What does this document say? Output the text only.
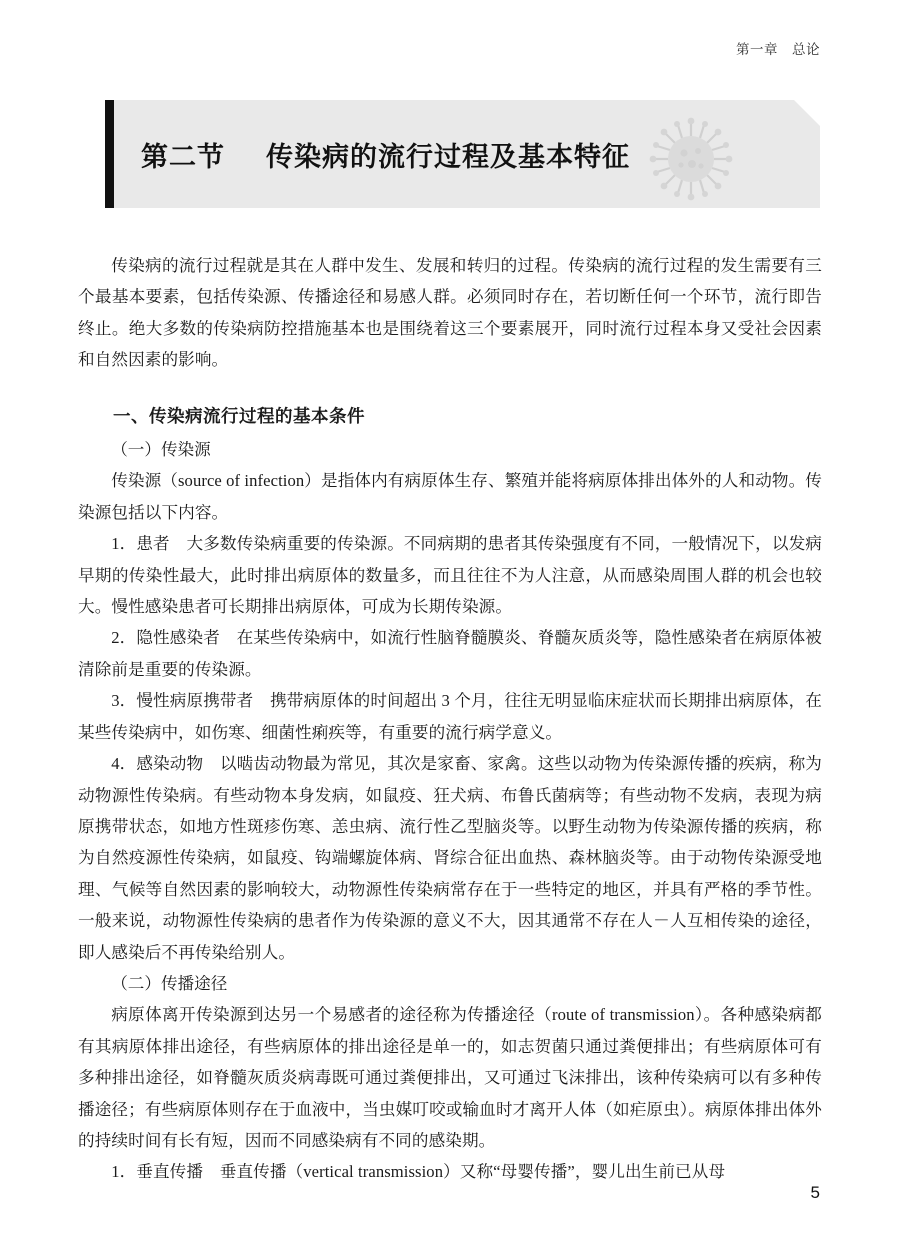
第一章　总论
第二节 传染病的流行过程及基本特征

传染病的流行过程就是其在人群中发生、发展和转归的过程。传染病的流行过程的发生需要有三个最基本要素，包括传染源、传播途径和易感人群。必须同时存在，若切断任何一个环节，流行即告终止。绝大多数的传染病防控措施基本也是围绕着这三个要素展开，同时流行过程本身又受社会因素和自然因素的影响。

一、传染病流行过程的基本条件
（一）传染源

传染源（source of infection）是指体内有病原体生存、繁殖并能将病原体排出体外的人和动物。传染源包括以下内容。

1．患者　大多数传染病重要的传染源。不同病期的患者其传染强度有不同，一般情况下，以发病早期的传染性最大，此时排出病原体的数量多，而且往往不为人注意，从而感染周围人群的机会也较大。慢性感染患者可长期排出病原体，可成为长期传染源。

2．隐性感染者　在某些传染病中，如流行性脑脊髓膜炎、脊髓灰质炎等，隐性感染者在病原体被清除前是重要的传染源。

3．慢性病原携带者　携带病原体的时间超出 3 个月，往往无明显临床症状而长期排出病原体，在某些传染病中，如伤寒、细菌性痢疾等，有重要的流行病学意义。

4．感染动物　以啮齿动物最为常见，其次是家畜、家禽。这些以动物为传染源传播的疾病，称为动物源性传染病。有些动物本身发病，如鼠疫、狂犬病、布鲁氏菌病等；有些动物不发病，表现为病原携带状态，如地方性斑疹伤寒、恙虫病、流行性乙型脑炎等。以野生动物为传染源传播的疾病，称为自然疫源性传染病，如鼠疫、钩端螺旋体病、肾综合征出血热、森林脑炎等。由于动物传染源受地理、气候等自然因素的影响较大，动物源性传染病常存在于一些特定的地区，并具有严格的季节性。一般来说，动物源性传染病的患者作为传染源的意义不大，因其通常不存在人－人互相传染的途径，即人感染后不再传染给别人。

（二）传播途径

病原体离开传染源到达另一个易感者的途径称为传播途径（route of transmission）。各种感染病都有其病原体排出途径，有些病原体的排出途径是单一的，如志贺菌只通过粪便排出；有些病原体可有多种排出途径，如脊髓灰质炎病毒既可通过粪便排出，又可通过飞沫排出，该种传染病可以有多种传播途径；有些病原体则存在于血液中，当虫媒叮咬或输血时才离开人体（如疟原虫）。病原体排出体外的持续时间有长有短，因而不同感染病有不同的感染期。

1．垂直传播　垂直传播（vertical transmission）又称“母婴传播”，婴儿出生前已从母

5
